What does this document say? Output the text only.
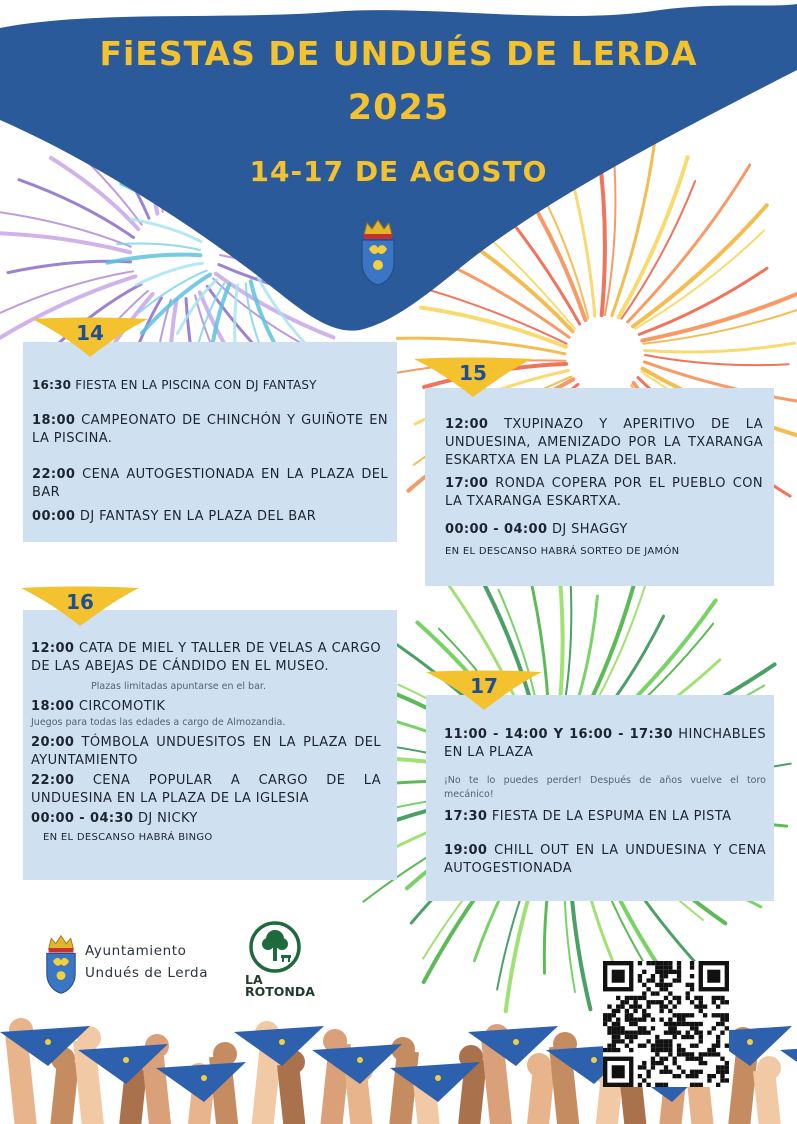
FiESTAS DE UNDUÉS DE LERDA
2025
14-17 DE AGOSTO

16:30 FIESTA EN LA PISCINA CON DJ FANTASY

18:00 CAMPEONATO DE CHINCHÓN Y GUIÑOTE EN LA PISCINA.

22:00 CENA AUTOGESTIONADA EN LA PLAZA DEL BAR

00:00 DJ FANTASY EN LA PLAZA DEL BAR

14

12:00 TXUPINAZO Y APERITIVO DE LA UNDUESINA, AMENIZADO POR LA TXARANGA ESKARTXA EN LA PLAZA DEL BAR.

17:00 RONDA COPERA POR EL PUEBLO CON LA TXARANGA ESKARTXA.

00:00 - 04:00 DJ SHAGGY

EN EL DESCANSO HABRÁ SORTEO DE JAMÓN

15

12:00 CATA DE MIEL Y TALLER DE VELAS A CARGO DE LAS ABEJAS DE CÁNDIDO EN EL MUSEO.

Plazas limitadas apuntarse en el bar.

18:00 CIRCOMOTIK

Juegos para todas las edades a cargo de Almozandia.

20:00 TÓMBOLA UNDUESITOS EN LA PLAZA DEL AYUNTAMIENTO

22:00 CENA POPULAR A CARGO DE LA UNDUESINA EN LA PLAZA DE LA IGLESIA

00:00 - 04:30 DJ NICKY

EN EL DESCANSO HABRÁ BINGO

16

11:00 - 14:00 Y 16:00 - 17:30 HINCHABLES EN LA PLAZA

¡No te lo puedes perder! Después de años vuelve el toro mecánico!

17:30 FIESTA DE LA ESPUMA EN LA PISTA

19:00 CHILL OUT EN LA UNDUESINA Y CENA AUTOGESTIONADA

17
Ayuntamiento
Undués de Lerda	LA
ROTONDA
